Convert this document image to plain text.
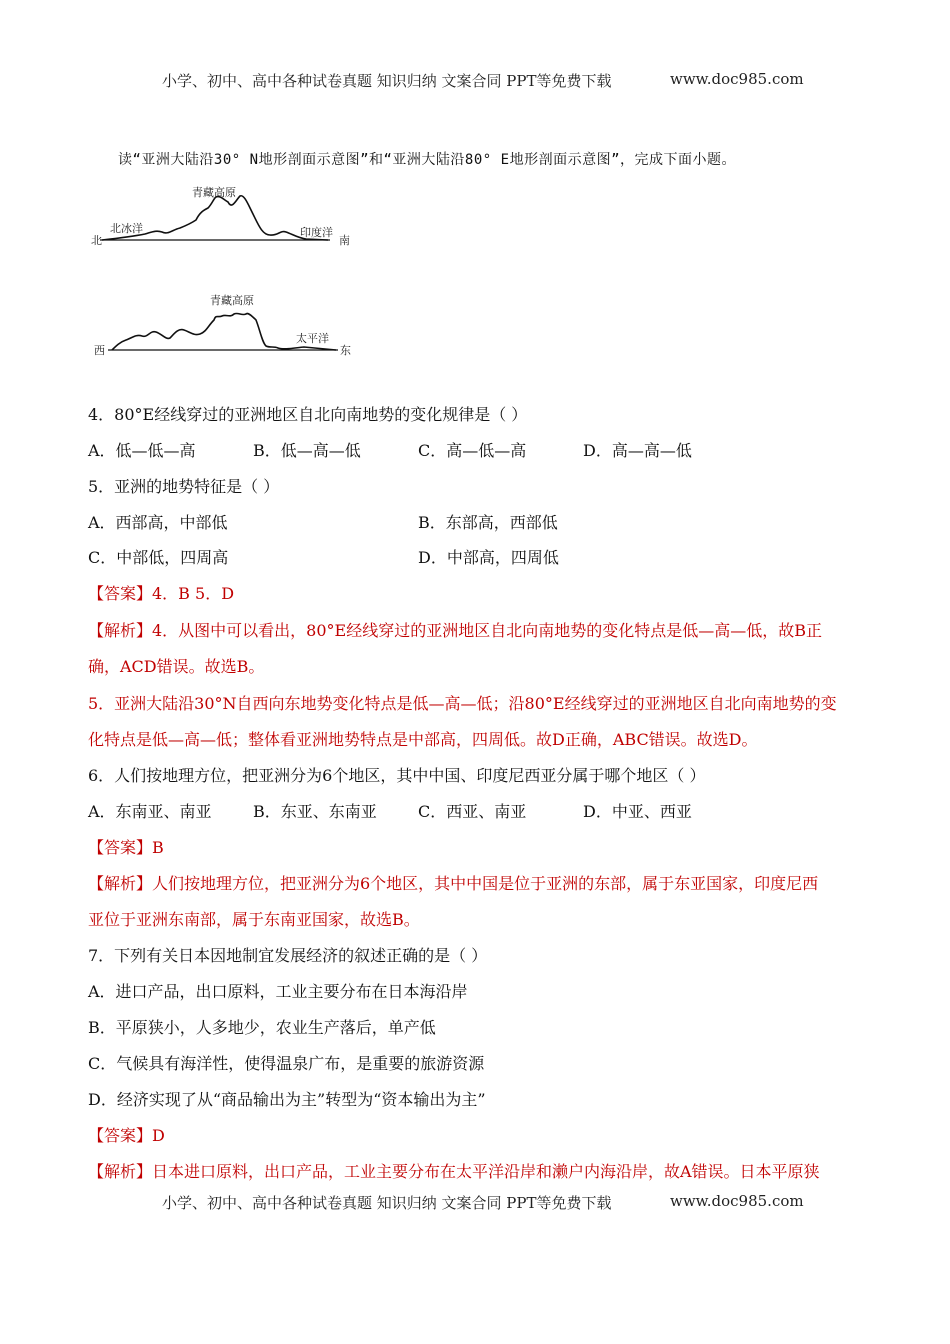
小学、初中、高中各种试卷真题 知识归纳 文案合同 PPT等免费下载	www.doc985.com
读“亚洲大陆沿30° N地形剖面示意图”和“亚洲大陆沿80° E地形剖面示意图”，完成下面小题。
青藏高原
北冰洋	印度洋
北	南
青藏高原
太平洋
西	东
4．80°E经线穿过的亚洲地区自北向南地势的变化规律是（ ）
A．低—低—高	B．低—高—低	C．高—低—高	D．高—高—低
5．亚洲的地势特征是（ ）
A．西部高，中部低	B．东部高，西部低
C．中部低，四周高	D．中部高，四周低
【答案】4．B 5．D
【解析】4．从图中可以看出，80°E经线穿过的亚洲地区自北向南地势的变化特点是低—高—低，故B正
确，ACD错误。故选B。
5．亚洲大陆沿30°N自西向东地势变化特点是低—高—低；沿80°E经线穿过的亚洲地区自北向南地势的变
化特点是低—高—低；整体看亚洲地势特点是中部高，四周低。故D正确，ABC错误。故选D。
6．人们按地理方位，把亚洲分为6个地区，其中中国、印度尼西亚分属于哪个地区（ ）
A．东南亚、南亚	B．东亚、东南亚	C．西亚、南亚	D．中亚、西亚
【答案】B
【解析】人们按地理方位，把亚洲分为6个地区，其中中国是位于亚洲的东部，属于东亚国家，印度尼西
亚位于亚洲东南部，属于东南亚国家，故选B。
7．下列有关日本因地制宜发展经济的叙述正确的是（ ）
A．进口产品，出口原料，工业主要分布在日本海沿岸
B．平原狭小，人多地少，农业生产落后，单产低
C．气候具有海洋性，使得温泉广布，是重要的旅游资源
D．经济实现了从“商品输出为主”转型为“资本输出为主”
【答案】D
【解析】日本进口原料，出口产品，工业主要分布在太平洋沿岸和濑户内海沿岸，故A错误。日本平原狭
小学、初中、高中各种试卷真题 知识归纳 文案合同 PPT等免费下载	www.doc985.com
